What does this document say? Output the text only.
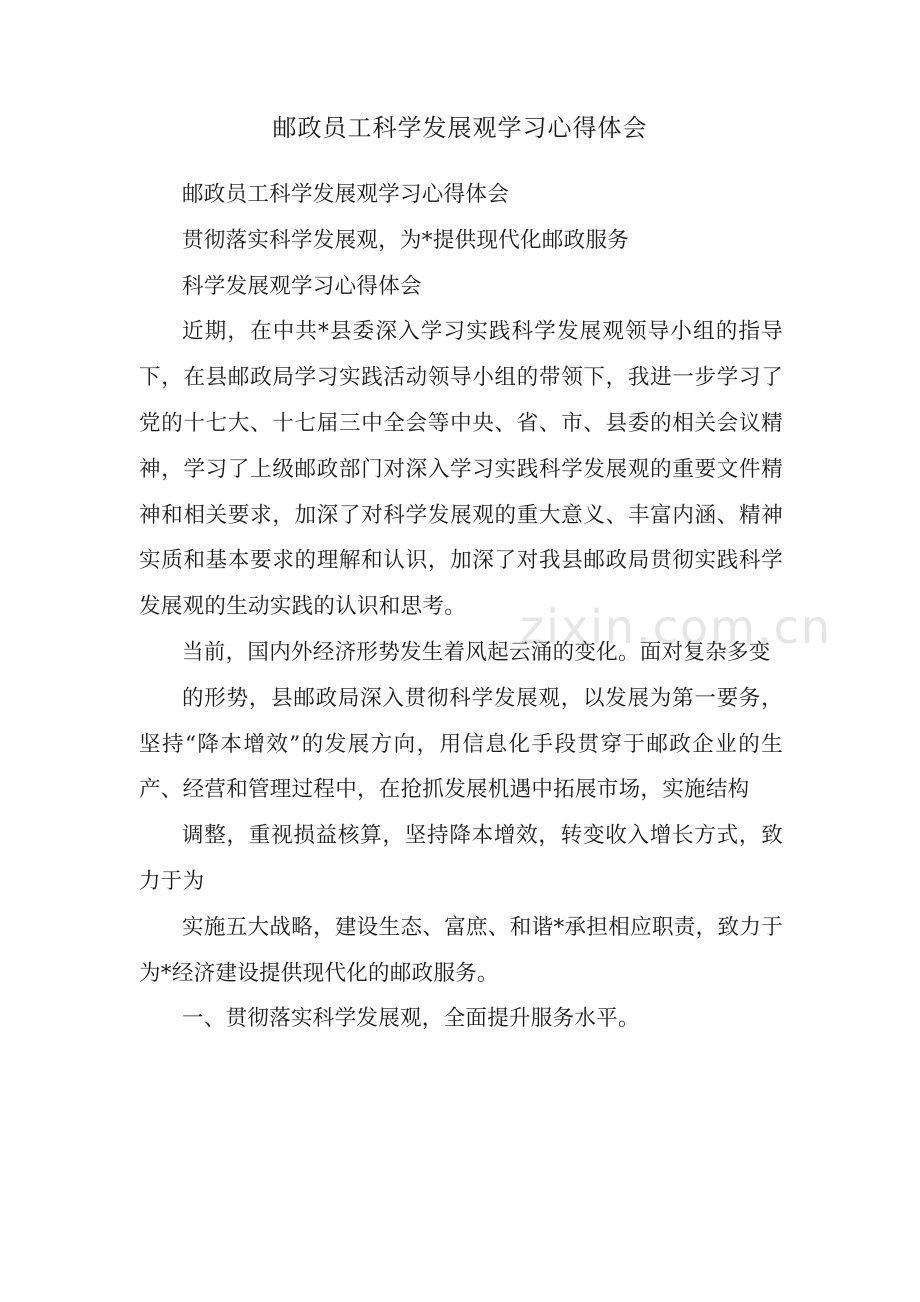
zixin.com.cn
邮政员工科学发展观学习心得体会

邮政员工科学发展观学习心得体会

贯彻落实科学发展观，为*提供现代化邮政服务

科学发展观学习心得体会

近期，在中共*县委深入学习实践科学发展观领导小组的指导下，在县邮政局学习实践活动领导小组的带领下，我进一步学习了党的十七大、十七届三中全会等中央、省、市、县委的相关会议精神，学习了上级邮政部门对深入学习实践科学发展观的重要文件精神和相关要求，加深了对科学发展观的重大意义、丰富内涵、精神实质和基本要求的理解和认识，加深了对我县邮政局贯彻实践科学发展观的生动实践的认识和思考。

当前，国内外经济形势发生着风起云涌的变化。面对复杂多变

的形势，县邮政局深入贯彻科学发展观，以发展为第一要务，坚持“降本增效”的发展方向，用信息化手段贯穿于邮政企业的生产、经营和管理过程中，在抢抓发展机遇中拓展市场，实施结构

调整，重视损益核算，坚持降本增效，转变收入增长方式，致力于为

实施五大战略，建设生态、富庶、和谐*承担相应职责，致力于为*经济建设提供现代化的邮政服务。

一、贯彻落实科学发展观，全面提升服务水平。
